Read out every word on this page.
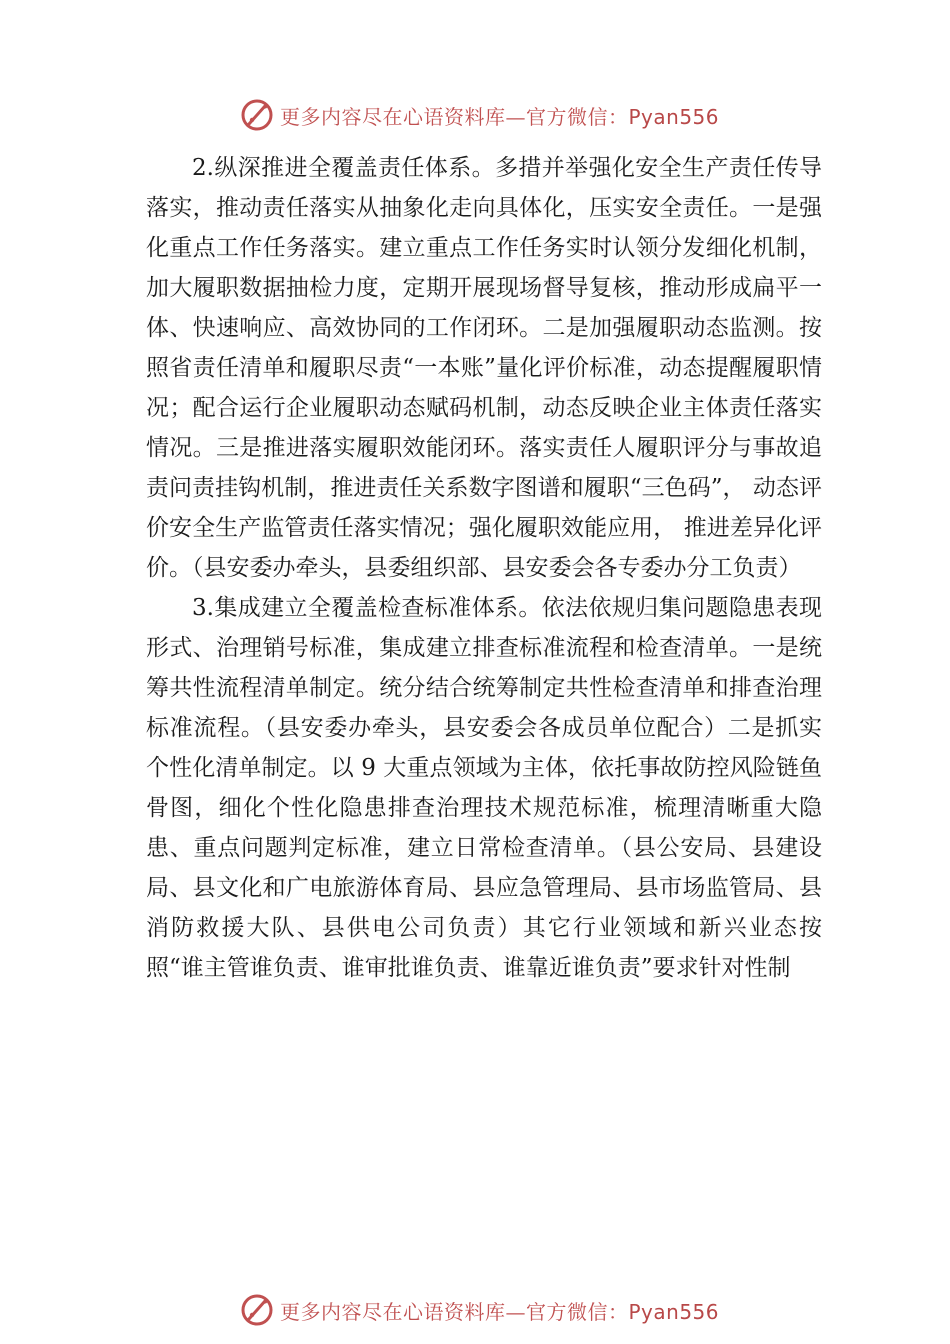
更多内容尽在心语资料库—官方微信：Pyan556

2.纵深推进全覆盖责任体系。多措并举强化安全生产责任传导落实，推动责任落实从抽象化走向具体化，压实安全责任。一是强化重点工作任务落实。建立重点工作任务实时认领分发细化机制，加大履职数据抽检力度，定期开展现场督导复核，推动形成扁平一体、快速响应、高效协同的工作闭环。二是加强履职动态监测。按照省责任清单和履职尽责“一本账”量化评价标准，动态提醒履职情况；配合运行企业履职动态赋码机制，动态反映企业主体责任落实情况。三是推进落实履职效能闭环。落实责任人履职评分与事故追责问责挂钩机制，推进责任关系数字图谱和履职“三色码”， 动态评价安全生产监管责任落实情况；强化履职效能应用， 推进差异化评价。（县安委办牵头，县委组织部、县安委会各专委办分工负责）

3.集成建立全覆盖检查标准体系。依法依规归集问题隐患表现形式、治理销号标准，集成建立排查标准流程和检查清单。一是统筹共性流程清单制定。统分结合统筹制定共性检查清单和排查治理标准流程。（县安委办牵头，县安委会各成员单位配合）二是抓实个性化清单制定。以 9 大重点领域为主体，依托事故防控风险链鱼骨图，细化个性化隐患排查治理技术规范标准，梳理清晰重大隐患、重点问题判定标准，建立日常检查清单。（县公安局、县建设局、县文化和广电旅游体育局、县应急管理局、县市场监管局、县消防救援大队、县供电公司负责）其它行业领域和新兴业态按照“谁主管谁负责、谁审批谁负责、谁靠近谁负责”要求针对性制

更多内容尽在心语资料库—官方微信：Pyan556
